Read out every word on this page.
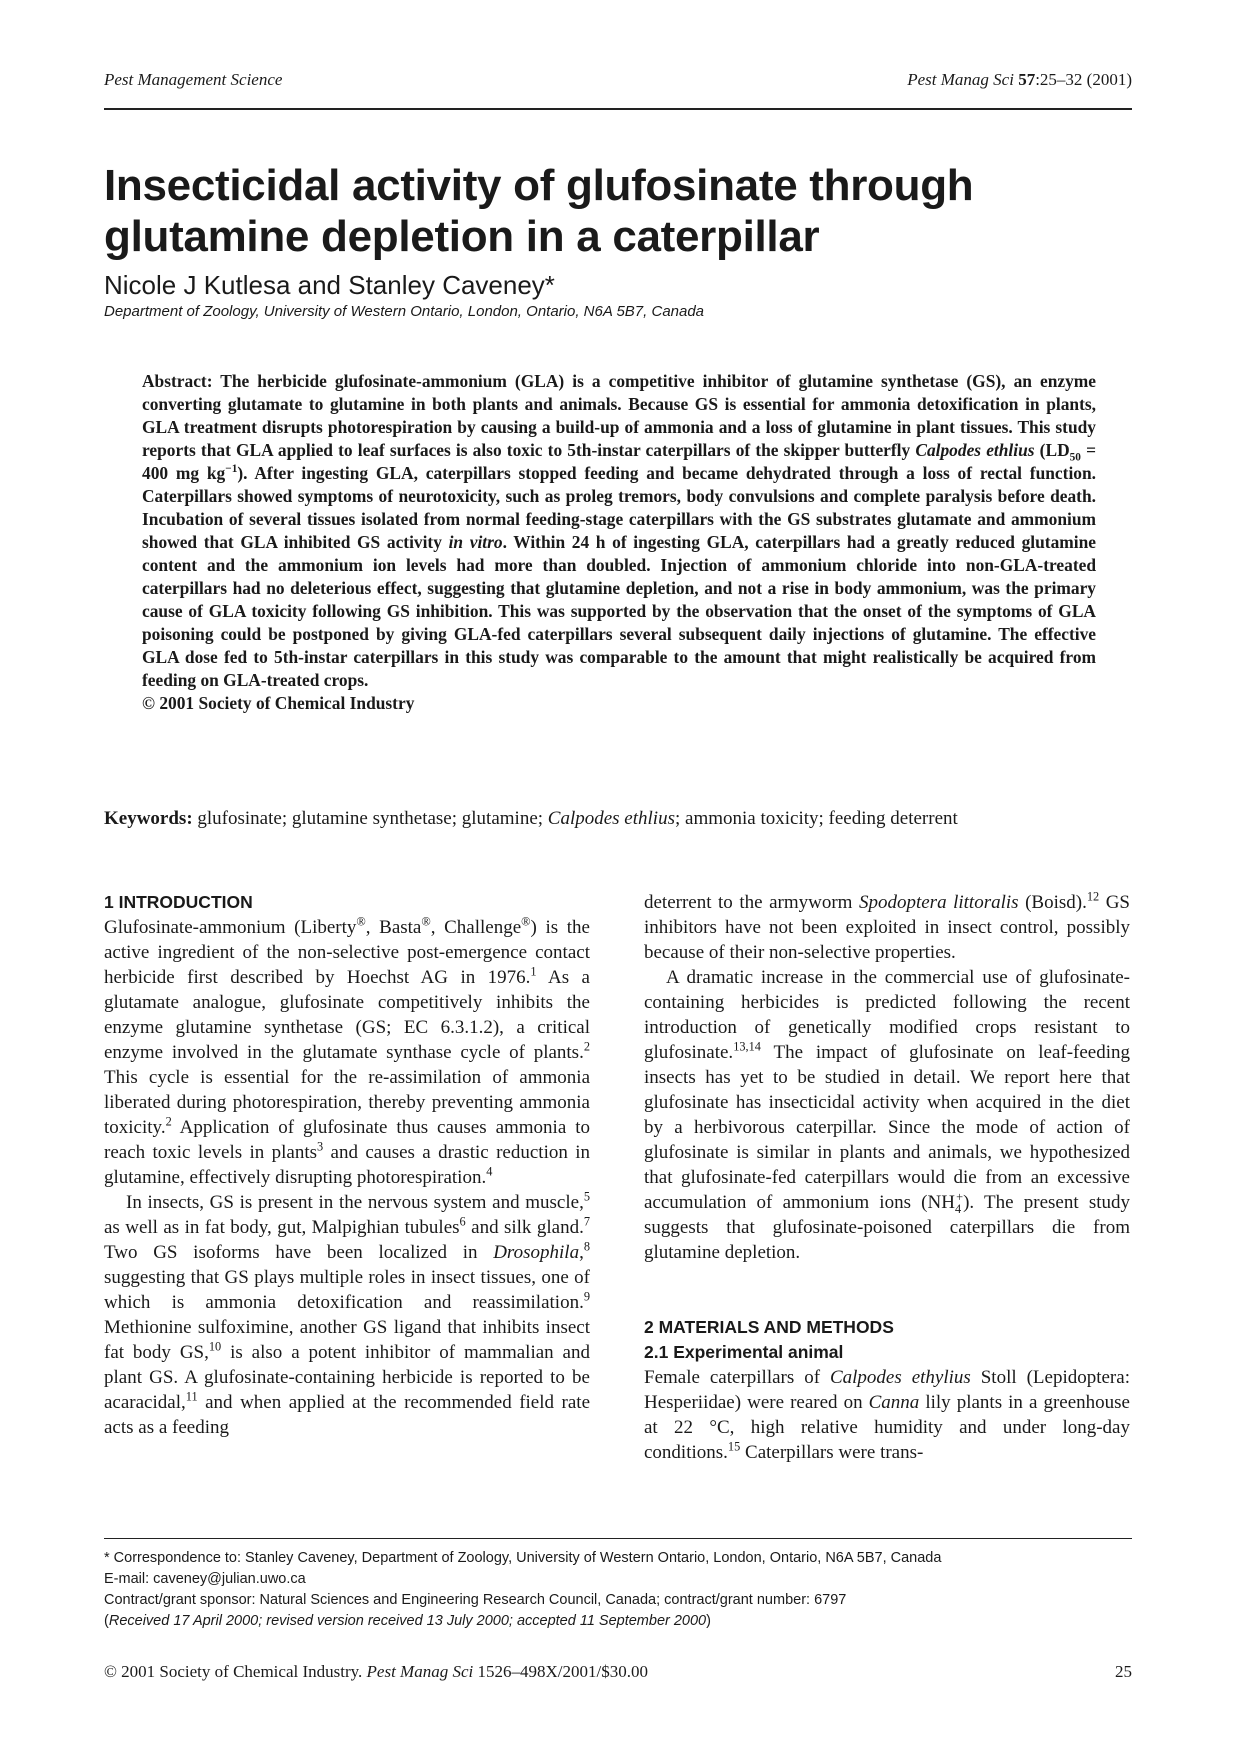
Pest Management Science	Pest Manag Sci 57:25–32 (2001)
Insecticidal activity of glufosinate through glutamine depletion in a caterpillar
Nicole J Kutlesa and Stanley Caveney*
Department of Zoology, University of Western Ontario, London, Ontario, N6A 5B7, Canada

Abstract: The herbicide glufosinate-ammonium (GLA) is a competitive inhibitor of glutamine synthetase (GS), an enzyme converting glutamate to glutamine in both plants and animals. Because GS is essential for ammonia detoxification in plants, GLA treatment disrupts photorespiration by causing a build-up of ammonia and a loss of glutamine in plant tissues. This study reports that GLA applied to leaf surfaces is also toxic to 5th-instar caterpillars of the skipper butterfly Calpodes ethlius ($LD_{50} = 400$ mg $kg^{-1}$). After ingesting GLA, caterpillars stopped feeding and became dehydrated through a loss of rectal function. Caterpillars showed symptoms of neurotoxicity, such as proleg tremors, body convulsions and complete paralysis before death. Incubation of several tissues isolated from normal feeding-stage caterpillars with the GS substrates glutamate and ammonium showed that GLA inhibited GS activity in vitro. Within 24 h of ingesting GLA, caterpillars had a greatly reduced glutamine content and the ammonium ion levels had more than doubled. Injection of ammonium chloride into non-GLA-treated caterpillars had no deleterious effect, suggesting that glutamine depletion, and not a rise in body ammonium, was the primary cause of GLA toxicity following GS inhibition. This was supported by the observation that the onset of the symptoms of GLA poisoning could be postponed by giving GLA-fed caterpillars several subsequent daily injections of glutamine. The effective GLA dose fed to 5th-instar caterpillars in this study was comparable to the amount that might realistically be acquired from feeding on GLA-treated crops.

© 2001 Society of Chemical Industry

Keywords: glufosinate; glutamine synthetase; glutamine; Calpodes ethlius; ammonia toxicity; feeding deterrent

1 INTRODUCTION

Glufosinate-ammonium (Liberty®, Basta®, Challenge®) is the active ingredient of the non-selective post-emergence contact herbicide first described by Hoechst AG in 1976.$^1$ As a glutamate analogue, glufosinate competitively inhibits the enzyme glutamine synthetase (GS; EC 6.3.1.2), a critical enzyme involved in the glutamate synthase cycle of plants.$^2$ This cycle is essential for the re-assimilation of ammonia liberated during photorespiration, thereby preventing ammonia toxicity.$^2$ Application of glufosinate thus causes ammonia to reach toxic levels in plants$^3$ and causes a drastic reduction in glutamine, effectively disrupting photorespiration.$^4$

In insects, GS is present in the nervous system and muscle,$^5$ as well as in fat body, gut, Malpighian tubules$^6$ and silk gland.$^7$ Two GS isoforms have been localized in Drosophila,$^8$ suggesting that GS plays multiple roles in insect tissues, one of which is ammonia detoxification and reassimilation.$^9$ Methionine sulfoximine, another GS ligand that inhibits insect fat body GS,$^{10}$ is also a potent inhibitor of mammalian and plant GS. A glufosinate-containing herbicide is reported to be acaracidal,$^{11}$ and when applied at the recommended field rate acts as a feeding

deterrent to the armyworm Spodoptera littoralis (Boisd).$^{12}$ GS inhibitors have not been exploited in insect control, possibly because of their non-selective properties.

A dramatic increase in the commercial use of glufosinate-containing herbicides is predicted following the recent introduction of genetically modified crops resistant to glufosinate.$^{13,14}$ The impact of glufosinate on leaf-feeding insects has yet to be studied in detail. We report here that glufosinate has insecticidal activity when acquired in the diet by a herbivorous caterpillar. Since the mode of action of glufosinate is similar in plants and animals, we hypothesized that glufosinate-fed caterpillars would die from an excessive accumulation of ammonium ions $(NH_4^+)$. The present study suggests that glufosinate-poisoned caterpillars die from glutamine depletion.

2 MATERIALS AND METHODS

2.1 Experimental animal

Female caterpillars of Calpodes ethylius Stoll (Lepidoptera: Hesperiidae) were reared on Canna lily plants in a greenhouse at 22 °C, high relative humidity and under long-day conditions.$^{15}$ Caterpillars were trans-

* Correspondence to: Stanley Caveney, Department of Zoology, University of Western Ontario, London, Ontario, N6A 5B7, Canada

E-mail: caveney@julian.uwo.ca

Contract/grant sponsor: Natural Sciences and Engineering Research Council, Canada; contract/grant number: 6797

(Received 17 April 2000; revised version received 13 July 2000; accepted 11 September 2000)

© 2001 Society of Chemical Industry. Pest Manag Sci 1526–498X/2001/$30.00	25
